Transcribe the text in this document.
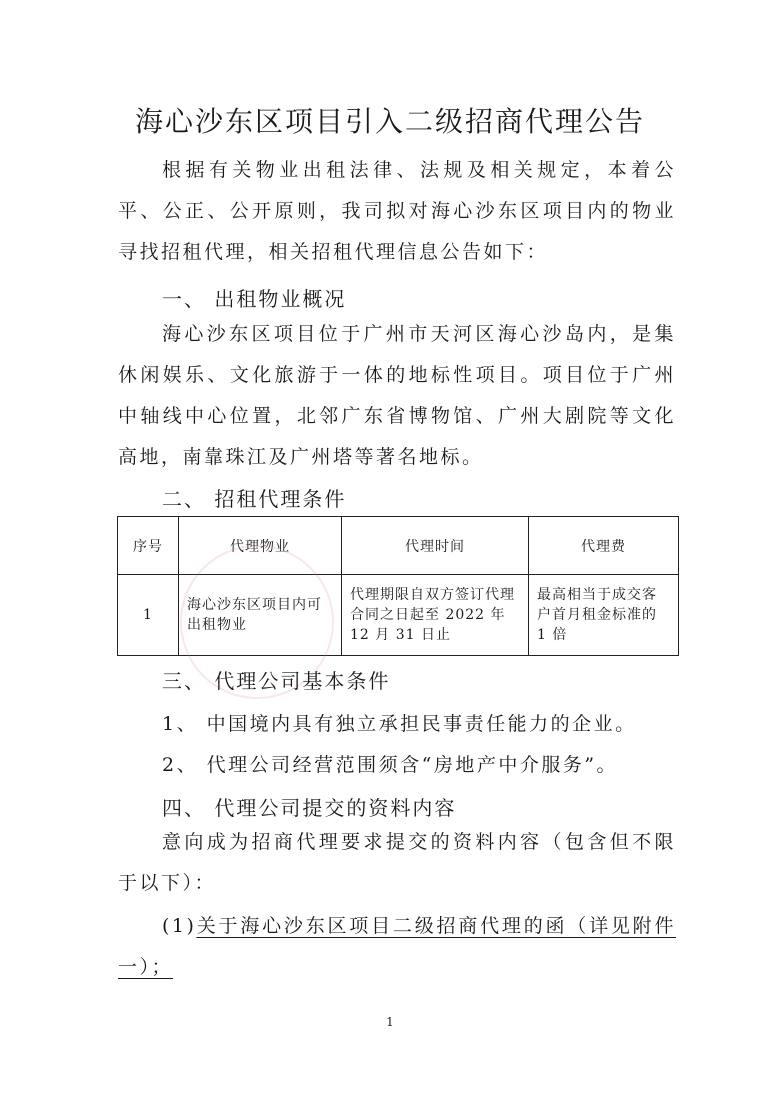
海心沙东区项目引入二级招商代理公告

根据有关物业出租法律、法规及相关规定，本着公平、公正、公开原则，我司拟对海心沙东区项目内的物业寻找招租代理，相关招租代理信息公告如下：

一、 出租物业概况

海心沙东区项目位于广州市天河区海心沙岛内，是集休闲娱乐、文化旅游于一体的地标性项目。项目位于广州中轴线中心位置，北邻广东省博物馆、广州大剧院等文化高地，南靠珠江及广州塔等著名地标。

二、 招租代理条件
序号	代理物业	代理时间	代理费
1	海心沙东区项目内可出租物业	代理期限自双方签订代理合同之日起至 2022 年 12 月 31 日止	最高相当于成交客户首月租金标准的 1 倍
三、 代理公司基本条件
1、 中国境内具有独立承担民事责任能力的企业。
2、 代理公司经营范围须含“房地产中介服务”。
四、 代理公司提交的资料内容

意向成为招商代理要求提交的资料内容（包含但不限于以下）：

(1)关于海心沙东区项目二级招商代理的函（详见附件一）；

1
